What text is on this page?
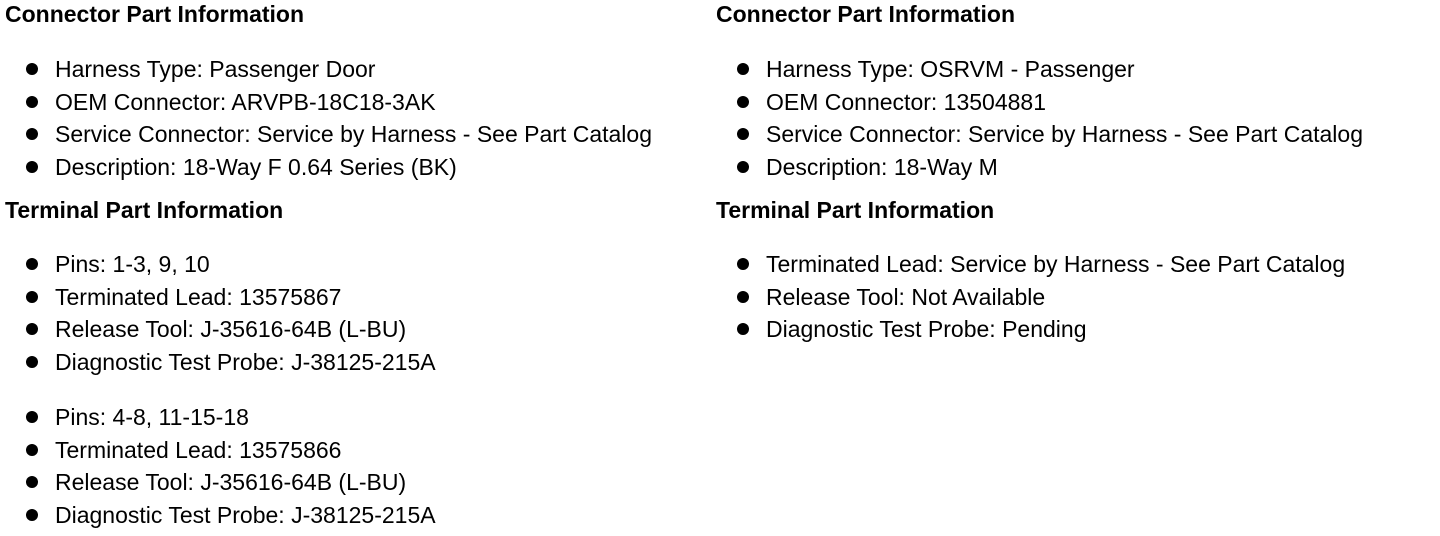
Connector Part Information
Harness Type: Passenger Door
OEM Connector: ARVPB-18C18-3AK
Service Connector: Service by Harness - See Part Catalog
Description: 18-Way F 0.64 Series (BK)
Terminal Part Information
Pins: 1-3, 9, 10
Terminated Lead: 13575867
Release Tool: J-35616-64B (L-BU)
Diagnostic Test Probe: J-38125-215A
Pins: 4-8, 11-15-18
Terminated Lead: 13575866
Release Tool: J-35616-64B (L-BU)
Diagnostic Test Probe: J-38125-215A
Connector Part Information
Harness Type: OSRVM - Passenger
OEM Connector: 13504881
Service Connector: Service by Harness - See Part Catalog
Description: 18-Way M
Terminal Part Information
Terminated Lead: Service by Harness - See Part Catalog
Release Tool: Not Available
Diagnostic Test Probe: Pending
